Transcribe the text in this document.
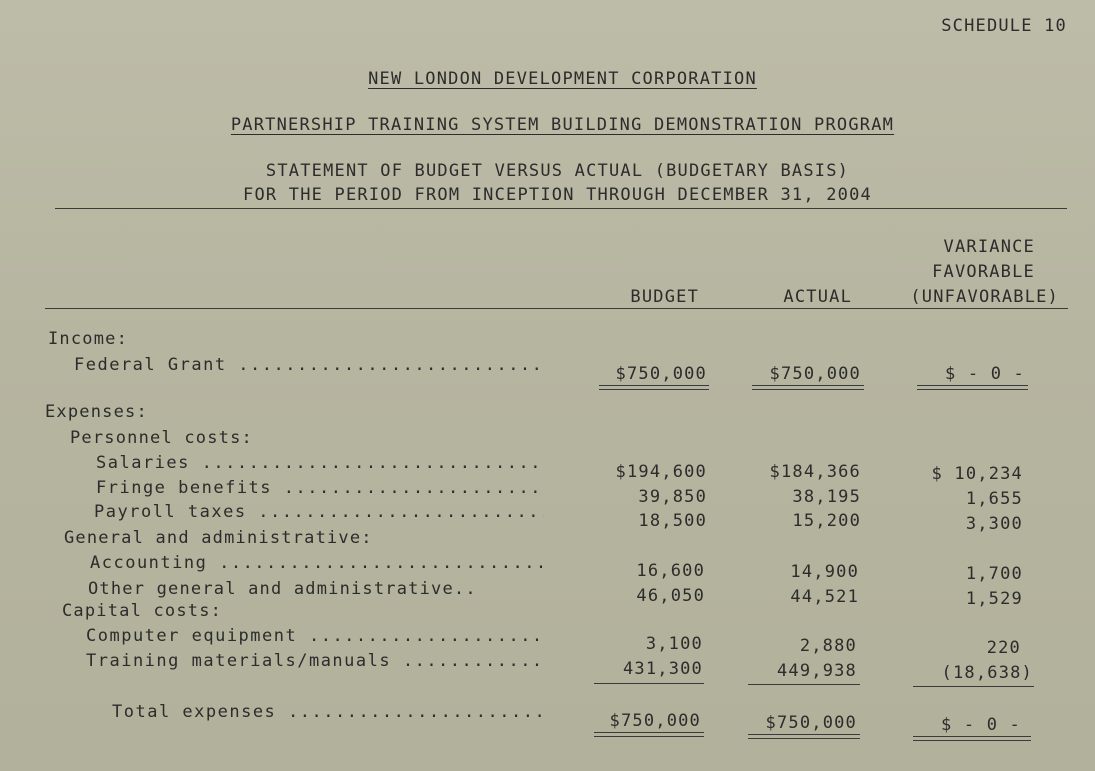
SCHEDULE 10
NEW LONDON DEVELOPMENT CORPORATION
PARTNERSHIP TRAINING SYSTEM BUILDING DEMONSTRATION PROGRAM
STATEMENT OF BUDGET VERSUS ACTUAL (BUDGETARY BASIS)
FOR THE PERIOD FROM INCEPTION THROUGH DECEMBER 31, 2004
VARIANCE
FAVORABLE
BUDGET	ACTUAL	(UNFAVORABLE)
Income:
Federal Grant .....	$750,000	$750,000	$ - 0 -
Expenses:
Personnel costs:
Salaries .....	$194,600	$184,366	$ 10,234
Fringe benefits .....	39,850	38,195	1,655
Payroll taxes .....	18,500	15,200	3,300
General and administrative:
Accounting .....	16,600	14,900	1,700
Other general and administrative..	46,050	44,521	1,529
Capital costs:
Computer equipment .....	3,100	2,880	220
Training materials/manuals .....	431,300	449,938	(18,638)
Total expenses .....	$750,000	$750,000	$ - 0 -
